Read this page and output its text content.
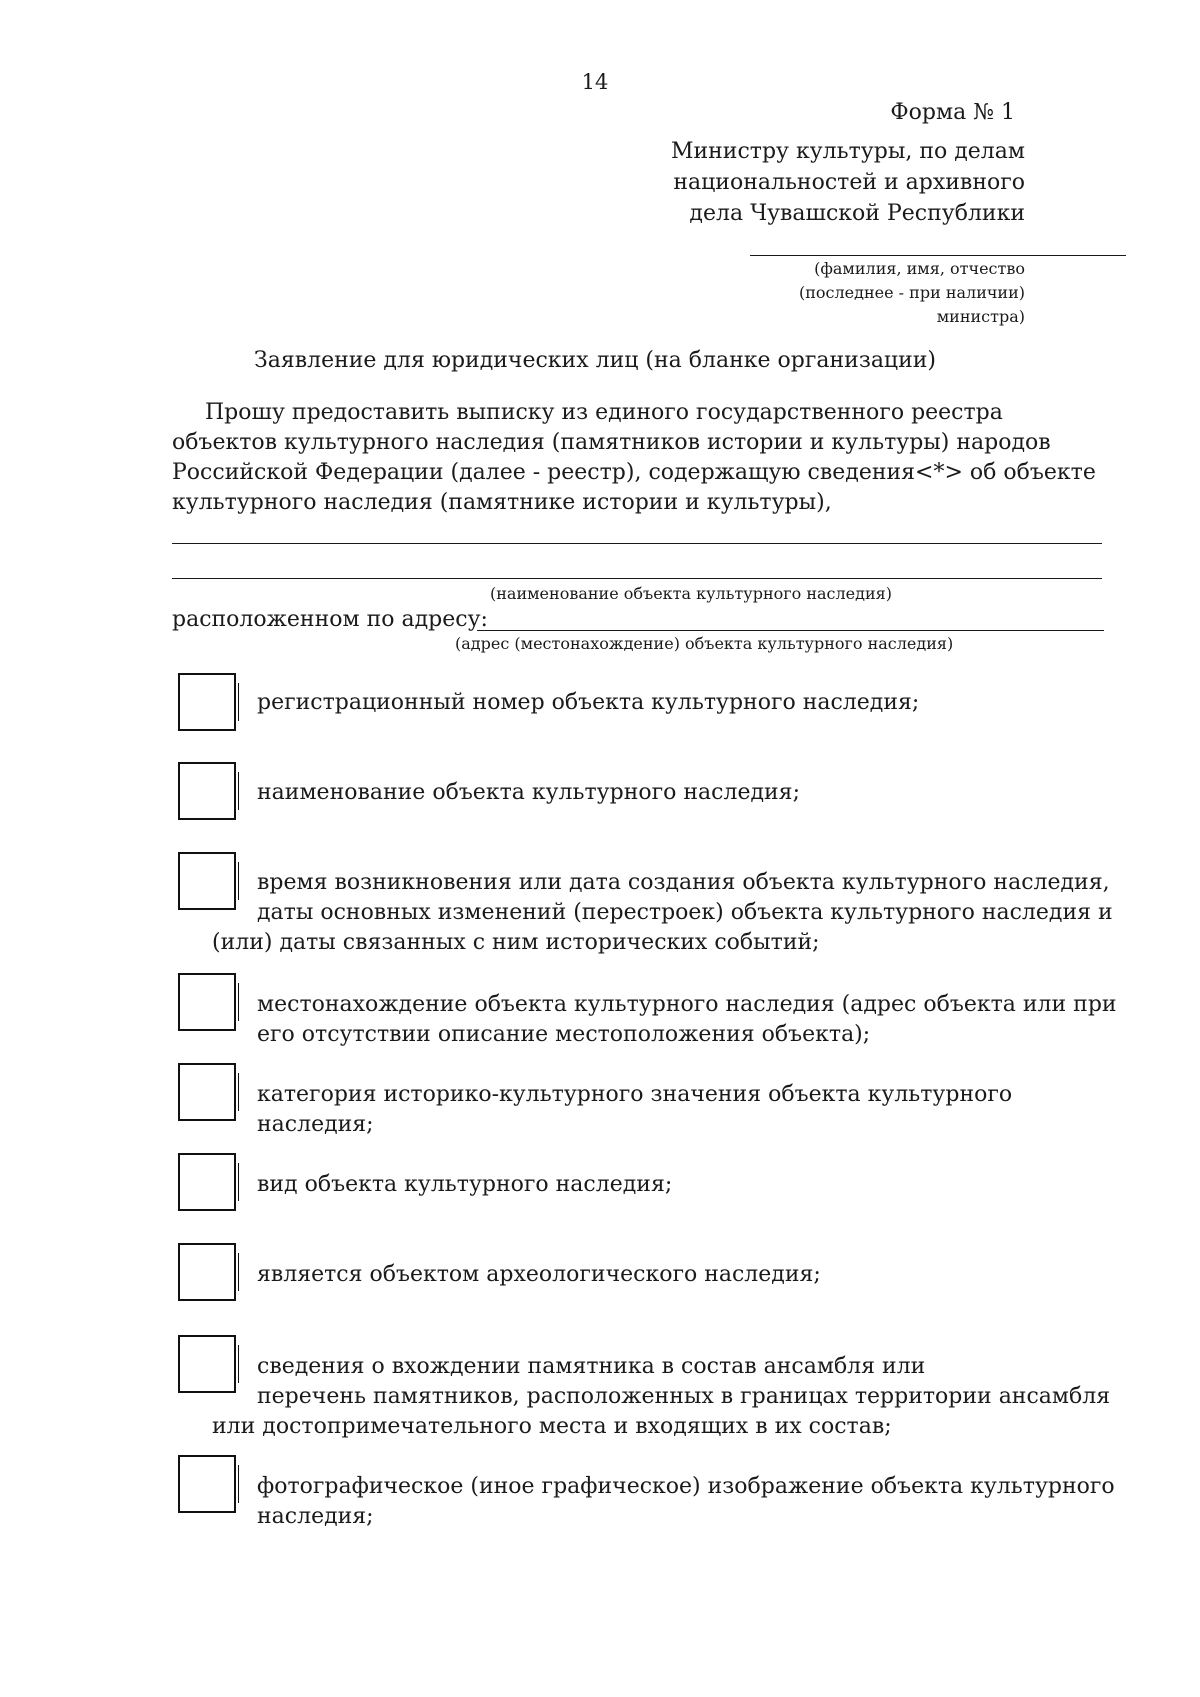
14
Форма № 1
Министру культуры, по делам
национальностей и архивного
дела Чувашской Республики
(фамилия, имя, отчество
(последнее - при наличии)
министра)
Заявление для юридических лиц (на бланке организации)
Прошу предоставить выписку из единого государственного реестра
объектов культурного наследия (памятников истории и культуры) народов
Российской Федерации (далее - реестр), содержащую сведения<*> об объекте
культурного наследия (памятнике истории и культуры),
(наименование объекта культурного наследия)
расположенном по адресу:
(адрес (местонахождение) объекта культурного наследия)
регистрационный номер объекта культурного наследия;
наименование объекта культурного наследия;
время возникновения или дата создания объекта культурного наследия,
даты основных изменений (перестроек) объекта культурного наследия и
(или) даты связанных с ним исторических событий;
местонахождение объекта культурного наследия (адрес объекта или при
его отсутствии описание местоположения объекта);
категория историко-культурного значения объекта культурного
наследия;
вид объекта культурного наследия;
является объектом археологического наследия;
сведения о вхождении памятника в состав ансамбля или
перечень памятников, расположенных в границах территории ансамбля
или достопримечательного места и входящих в их состав;
фотографическое (иное графическое) изображение объекта культурного
наследия;
